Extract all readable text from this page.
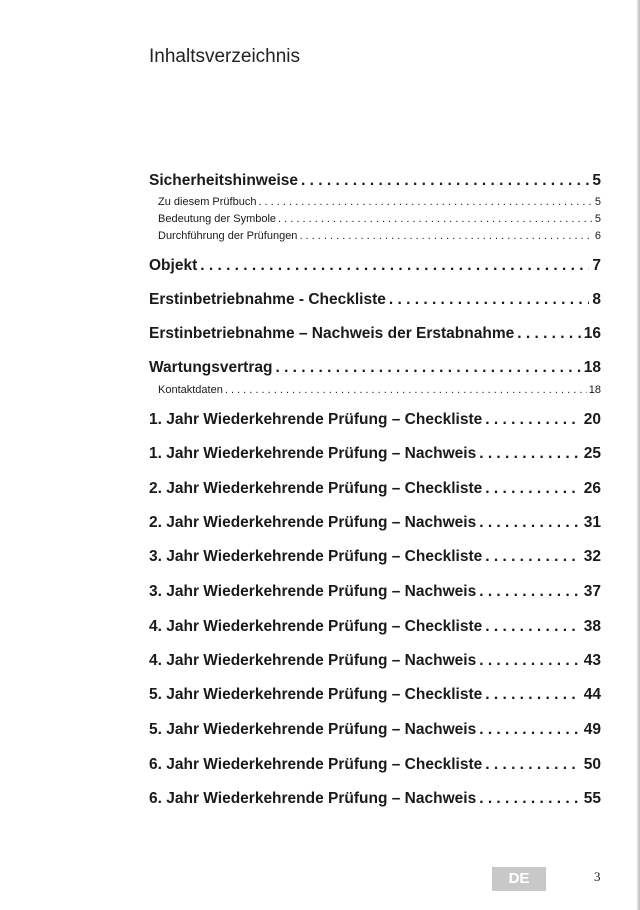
Inhaltsverzeichnis
Sicherheitshinweise . . .	5
Zu diesem Prüfbuch . . .	5
Bedeutung der Symbole . . .	5
Durchführung der Prüfungen . . .	6
Objekt . . .	7
Erstinbetriebnahme - Checkliste . . .	8
Erstinbetriebnahme – Nachweis der Erstabnahme . . .	16
Wartungsvertrag . . .	18
Kontaktdaten . . .	18
1. Jahr Wiederkehrende Prüfung – Checkliste . . .	20
1. Jahr Wiederkehrende Prüfung – Nachweis . . .	25
2. Jahr Wiederkehrende Prüfung – Checkliste . . .	26
2. Jahr Wiederkehrende Prüfung – Nachweis . . .	31
3. Jahr Wiederkehrende Prüfung – Checkliste . . .	32
3. Jahr Wiederkehrende Prüfung – Nachweis . . .	37
4. Jahr Wiederkehrende Prüfung – Checkliste . . .	38
4. Jahr Wiederkehrende Prüfung – Nachweis . . .	43
5. Jahr Wiederkehrende Prüfung – Checkliste . . .	44
5. Jahr Wiederkehrende Prüfung – Nachweis . . .	49
6. Jahr Wiederkehrende Prüfung – Checkliste . . .	50
6. Jahr Wiederkehrende Prüfung – Nachweis . . .	55
DE	3
